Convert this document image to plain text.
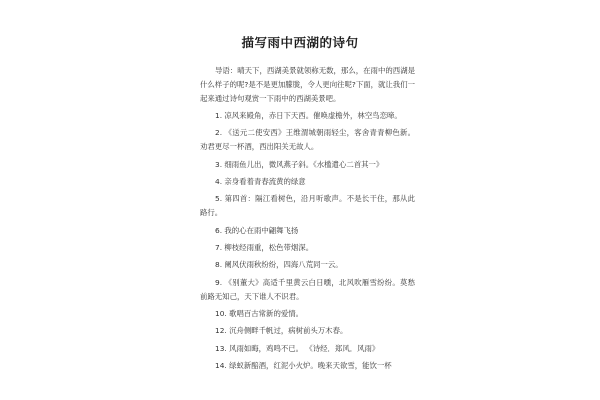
描写雨中西湖的诗句

导语：晴天下，西湖美景就领称无数，那么，在雨中的西湖是什么样子的呢?是不是更加朦胧，令人更向往呢?下面，就让我们一起来通过诗句观赏一下雨中的西湖美景吧。

1. 凉风来殿角，赤日下天西。催唤虚檐外，林空鸟恋啼。

2. 《送元二使安西》王维渭城朝雨轻尘，客舍青青柳色新。劝君更尽一杯酒，西出阳关无故人。

3. 细雨鱼儿出，微风燕子斜。《水槛遣心二首其一》

4. 亲身看着青春流黄的绿意

5. 第四首：隔江看树色，沿月听歌声。不是长干住，那从此路行。

6. 我的心在雨中翩舞飞扬

7. 柳枝经雨重，松色带烟深。

8. 阑风伏雨秋纷纷，四海八荒同一云。

9. 《别董大》高适千里黄云白日曛，北风吹雁雪纷纷。莫愁前路无知己，天下谁人不识君。

10. 歌唱百古常新的爱情。

12. 沉舟侧畔千帆过，病树前头万木春。

13. 风雨如晦，鸡鸣不已。 《诗经．郑风．风雨》

14. 绿蚁新醅酒，红泥小火炉。晚来天欲雪，能饮一杯
